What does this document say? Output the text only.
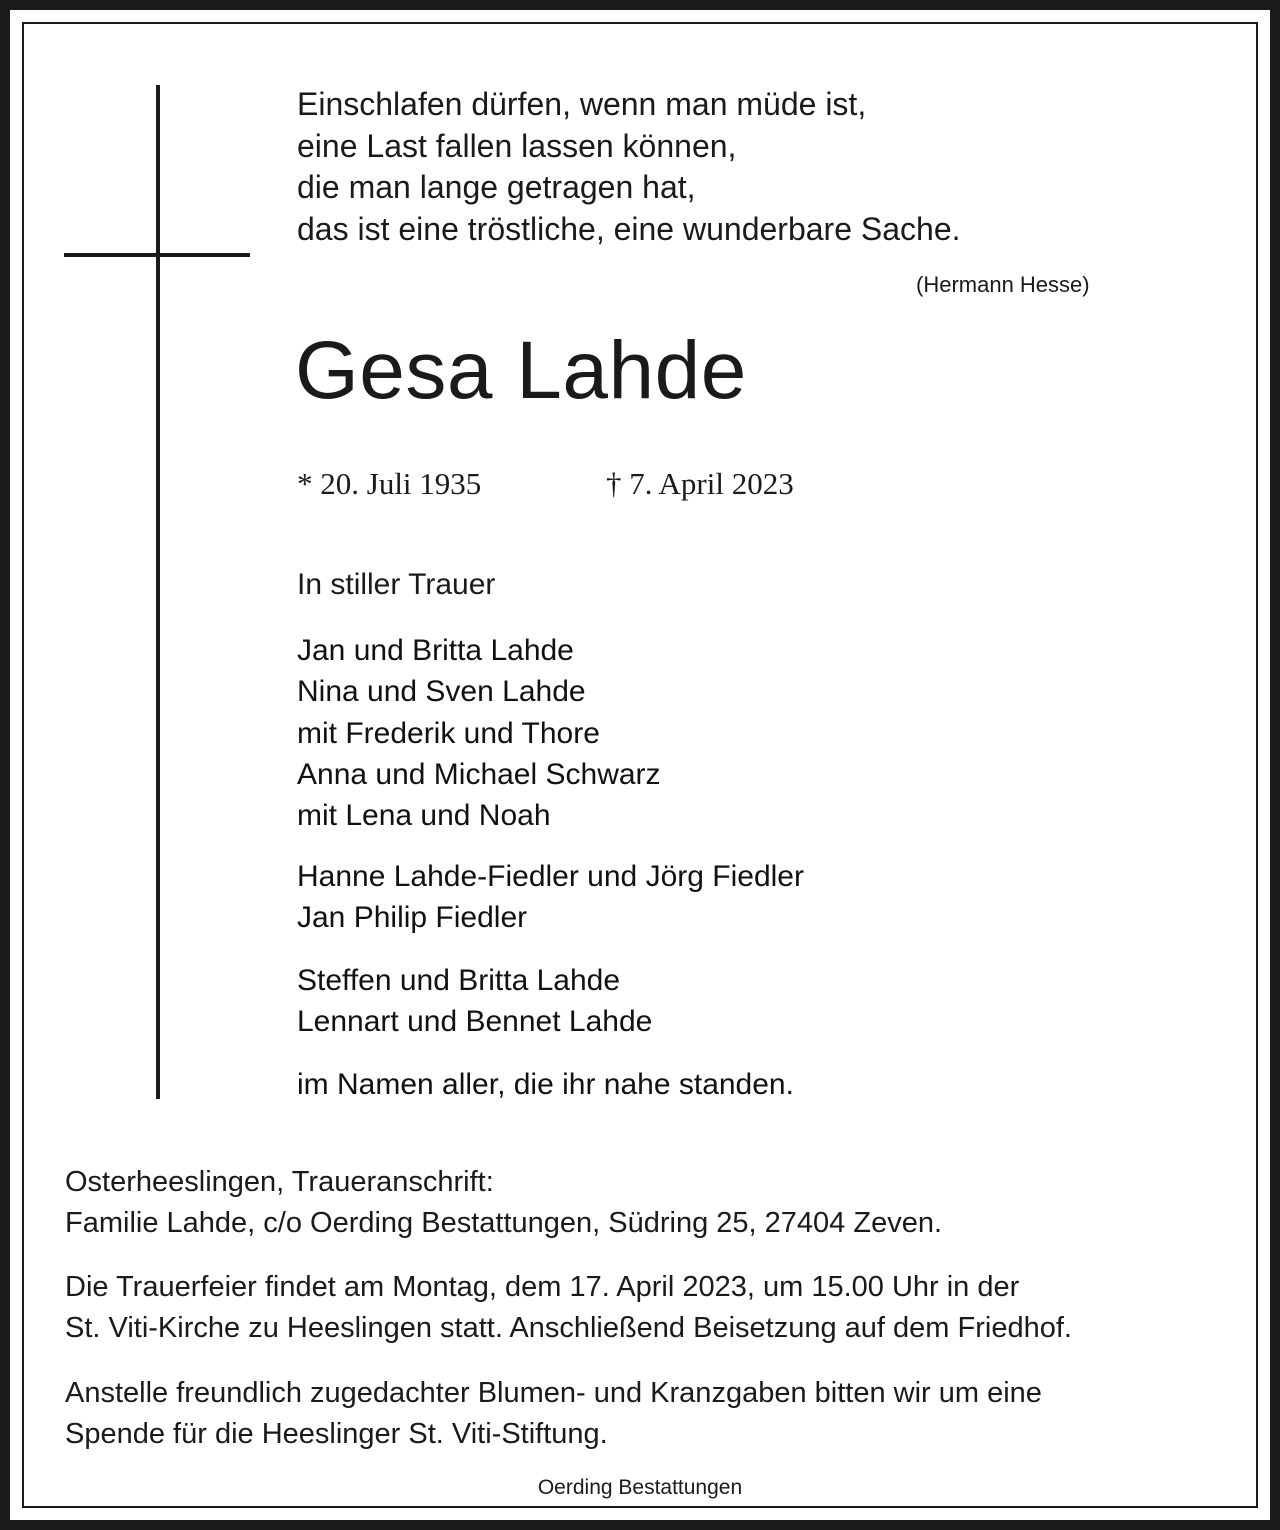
Einschlafen dürfen, wenn man müde ist,
eine Last fallen lassen können,
die man lange getragen hat,
das ist eine tröstliche, eine wunderbare Sache.
(Hermann Hesse)
Gesa Lahde
* 20. Juli 1935	† 7. April 2023
In stiller Trauer
Jan und Britta Lahde
Nina und Sven Lahde
mit Frederik und Thore
Anna und Michael Schwarz
mit Lena und Noah
Hanne Lahde-Fiedler und Jörg Fiedler
Jan Philip Fiedler
Steffen und Britta Lahde
Lennart und Bennet Lahde
im Namen aller, die ihr nahe standen.
Osterheeslingen, Traueranschrift:
Familie Lahde, c/o Oerding Bestattungen, Südring 25, 27404 Zeven.
Die Trauerfeier findet am Montag, dem 17. April 2023, um 15.00 Uhr in der
St. Viti-Kirche zu Heeslingen statt. Anschließend Beisetzung auf dem Friedhof.
Anstelle freundlich zugedachter Blumen- und Kranzgaben bitten wir um eine
Spende für die Heeslinger St. Viti-Stiftung.
Oerding Bestattungen
